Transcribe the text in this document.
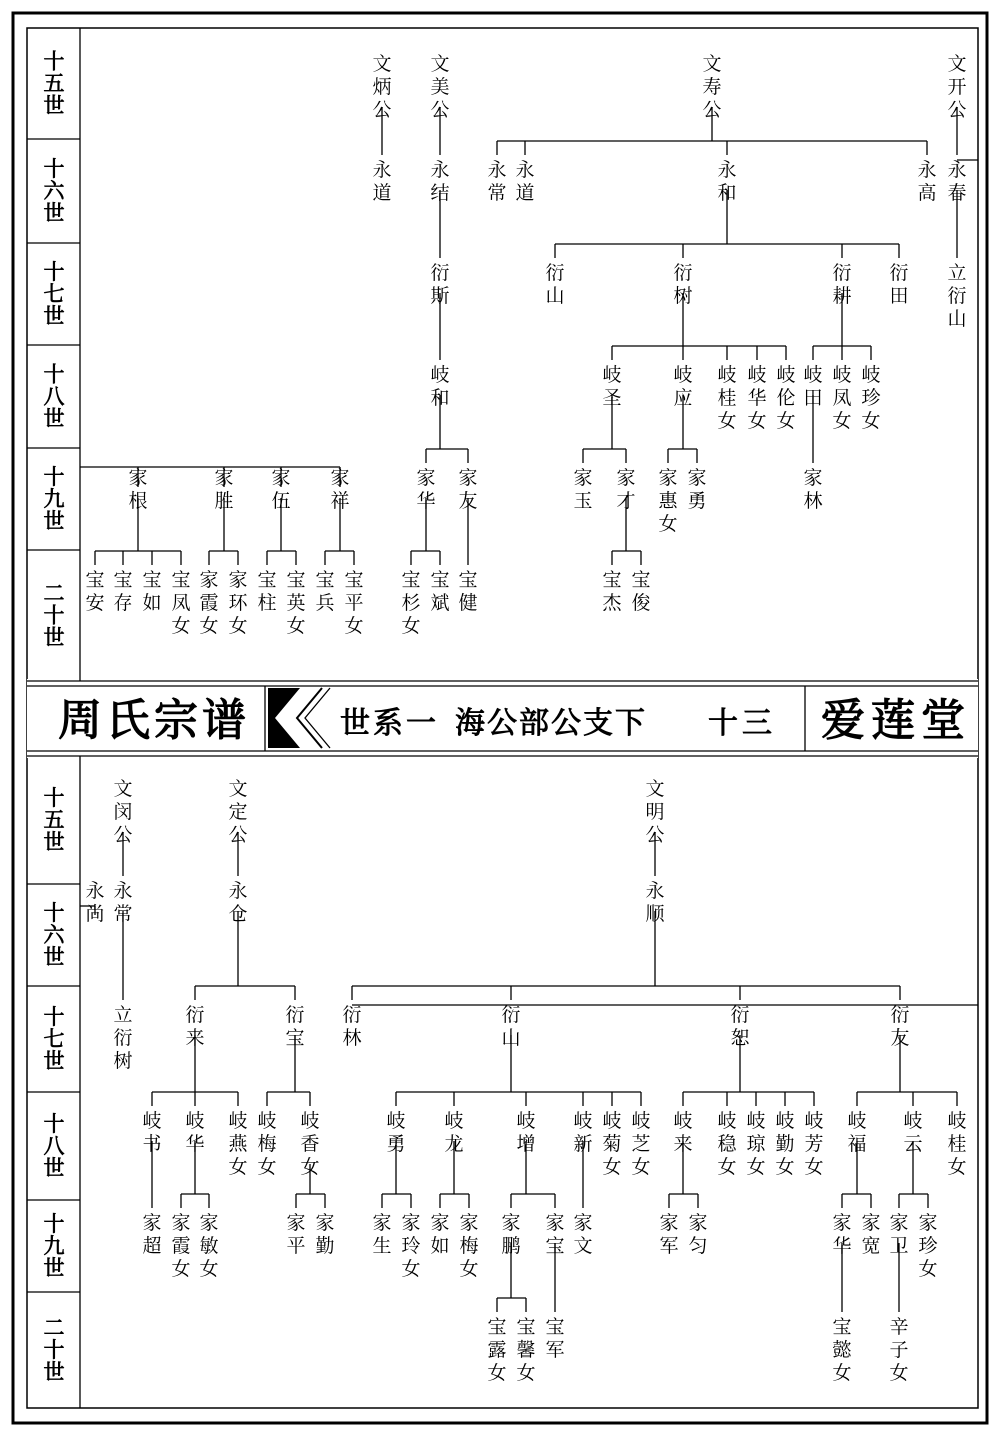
周 氏 宗 谱	世 系 一 海 公 部 公 支 下 十 三 爱 莲 堂
十
五
世
十
六
世
十
七
世
十
八
世
十
九
世
二
十
世
十
五
世
十
六
世
十
七
世
十
八
世
十
九
世
二
十
世
文
炳
公
永
道
文
美
公
永
结
衍
斯
岐
和
家
华
宝
杉
女
宝
斌
家
友
宝
健
文
寿
公
永
常
永
道
永
和
衍
山
衍
树
岐
圣
家
玉
家
才
宝
杰
宝
俊
岐
应
家
惠
女
家
勇
岐
桂
女
岐
华
女
岐
伦
女
衍
耕
岐
田
家
林
岐
凤
女
岐
珍
女
衍
田
永
高
文
开
公
永
春
立
衍
山
家
根
宝
安
宝
存
宝
如
宝
凤
女
家
胜
家
霞
女
家
环
女
家
伍
宝
柱
宝
英
女
家
祥
宝
兵
宝
平
女
文
闵
公
永
常
立
衍
树
文
定
公
永
仓
衍
来
岐
书
家
超
岐
华
家
霞
女
家
敏
女
岐
燕
女
衍
宝
岐
梅
女
岐
香
女
家
平
家
勤
文
明
公
永
顺
衍
林
衍
山
岐
勇
家
生
家
玲
女
岐
龙
家
如
家
梅
女
岐
增
家
鹏
宝
露
女
宝
馨
女
家
宝
宝
军
岐
新
家
文
岐
菊
女
岐
芝
女
衍
恕
岐
来
家
军
家
匀
岐
稳
女
岐
琼
女
岐
勤
女
岐
芳
女
衍
友
岐
福
家
华
宝
懿
女
家
宽
岐
云
家
卫
辛
子
女
家
珍
女
岐
桂
女
永
尚
